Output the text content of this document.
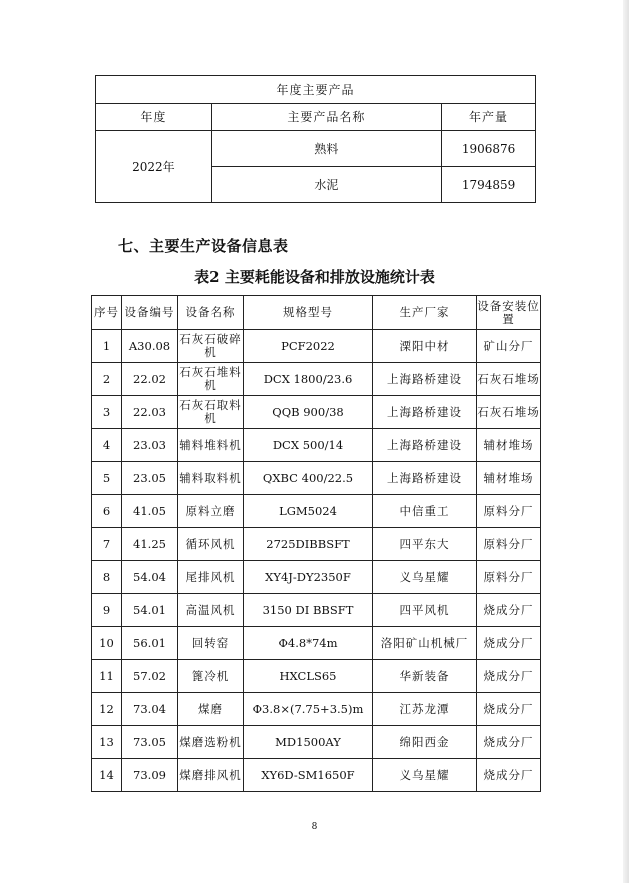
年度主要产品		
年度	主要产品名称	年产量
2022年	熟料	1906876
	水泥	1794859
七、主要生产设备信息表
表2 主要耗能设备和排放设施统计表
序号	设备编号	设备名称	规格型号	生产厂家	设备安装位置
1	A30.08	石灰石破碎机	PCF2022	溧阳中材	矿山分厂
2	22.02	石灰石堆料机	DCX 1800/23.6	上海路桥建设	石灰石堆场
3	22.03	石灰石取料机	QQB 900/38	上海路桥建设	石灰石堆场
4	23.03	辅料堆料机	DCX 500/14	上海路桥建设	辅材堆场
5	23.05	辅料取料机	QXBC 400/22.5	上海路桥建设	辅材堆场
6	41.05	原料立磨	LGM5024	中信重工	原料分厂
7	41.25	循环风机	2725DIBBSFT	四平东大	原料分厂
8	54.04	尾排风机	XY4J-DY2350F	义乌星耀	原料分厂
9	54.01	高温风机	3150 DI BBSFT	四平风机	烧成分厂
10	56.01	回转窑	Φ4.8*74m	洛阳矿山机械厂	烧成分厂
11	57.02	篦冷机	HXCLS65	华新装备	烧成分厂
12	73.04	煤磨	Φ3.8×(7.75+3.5)m	江苏龙潭	烧成分厂
13	73.05	煤磨选粉机	MD1500AY	绵阳西金	烧成分厂
14	73.09	煤磨排风机	XY6D-SM1650F	义乌星耀	烧成分厂
8
